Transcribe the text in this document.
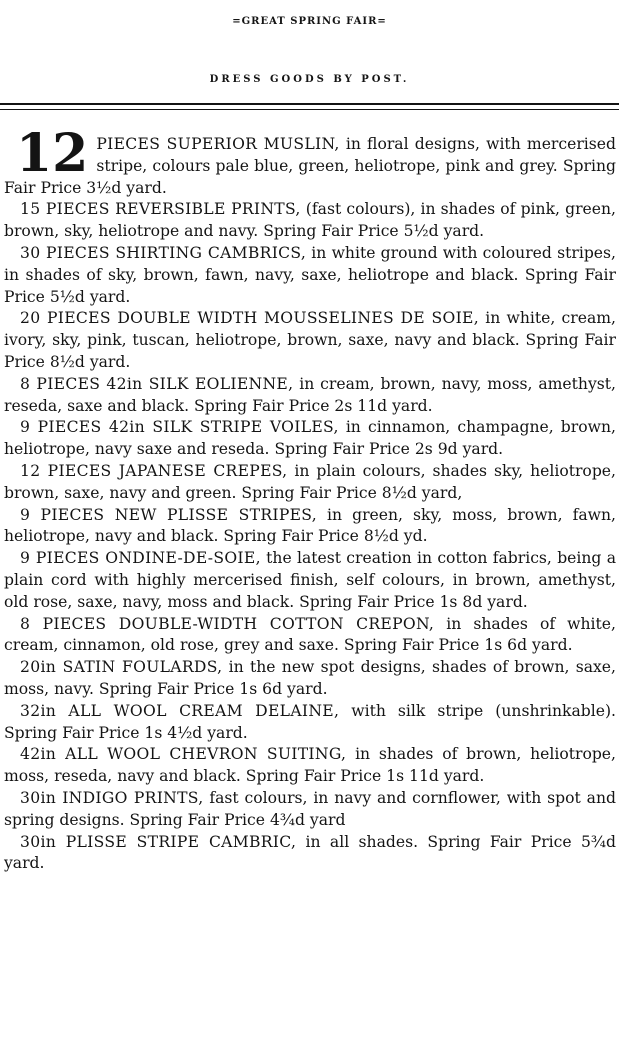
=GREAT SPRING FAIR=
DRESS GOODS BY POST.

12 PIECES SUPERIOR MUSLIN, in floral designs, with mercerised stripe, colours pale blue, green, heliotrope, pink and grey. Spring Fair Price 3½d yard.

15 PIECES REVERSIBLE PRINTS, (fast colours), in shades of pink, green, brown, sky, heliotrope and navy. Spring Fair Price 5½d yard.

30 PIECES SHIRTING CAMBRICS, in white ground with coloured stripes, in shades of sky, brown, fawn, navy, saxe, heliotrope and black. Spring Fair Price 5½d yard.

20 PIECES DOUBLE WIDTH MOUSSELINES DE SOIE, in white, cream, ivory, sky, pink, tuscan, heliotrope, brown, saxe, navy and black. Spring Fair Price 8½d yard.

8 PIECES 42in SILK EOLIENNE, in cream, brown, navy, moss, amethyst, reseda, saxe and black. Spring Fair Price 2s 11d yard.

9 PIECES 42in SILK STRIPE VOILES, in cinnamon, champagne, brown, heliotrope, navy saxe and reseda. Spring Fair Price 2s 9d yard.

12 PIECES JAPANESE CREPES, in plain colours, shades sky, heliotrope, brown, saxe, navy and green. Spring Fair Price 8½d yard,

9 PIECES NEW PLISSE STRIPES, in green, sky, moss, brown, fawn, heliotrope, navy and black. Spring Fair Price 8½d yd.

9 PIECES ONDINE-DE-SOIE, the latest creation in cotton fabrics, being a plain cord with highly mercerised finish, self colours, in brown, amethyst, old rose, saxe, navy, moss and black. Spring Fair Price 1s 8d yard.

8 PIECES DOUBLE-WIDTH COTTON CREPON, in shades of white, cream, cinnamon, old rose, grey and saxe. Spring Fair Price 1s 6d yard.

20in SATIN FOULARDS, in the new spot designs, shades of brown, saxe, moss, navy. Spring Fair Price 1s 6d yard.

32in ALL WOOL CREAM DELAINE, with silk stripe (unshrinkable). Spring Fair Price 1s 4½d yard.

42in ALL WOOL CHEVRON SUITING, in shades of brown, heliotrope, moss, reseda, navy and black. Spring Fair Price 1s 11d yard.

30in INDIGO PRINTS, fast colours, in navy and cornflower, with spot and spring designs. Spring Fair Price 4¾d yard

30in PLISSE STRIPE CAMBRIC, in all shades. Spring Fair Price 5¾d yard.
